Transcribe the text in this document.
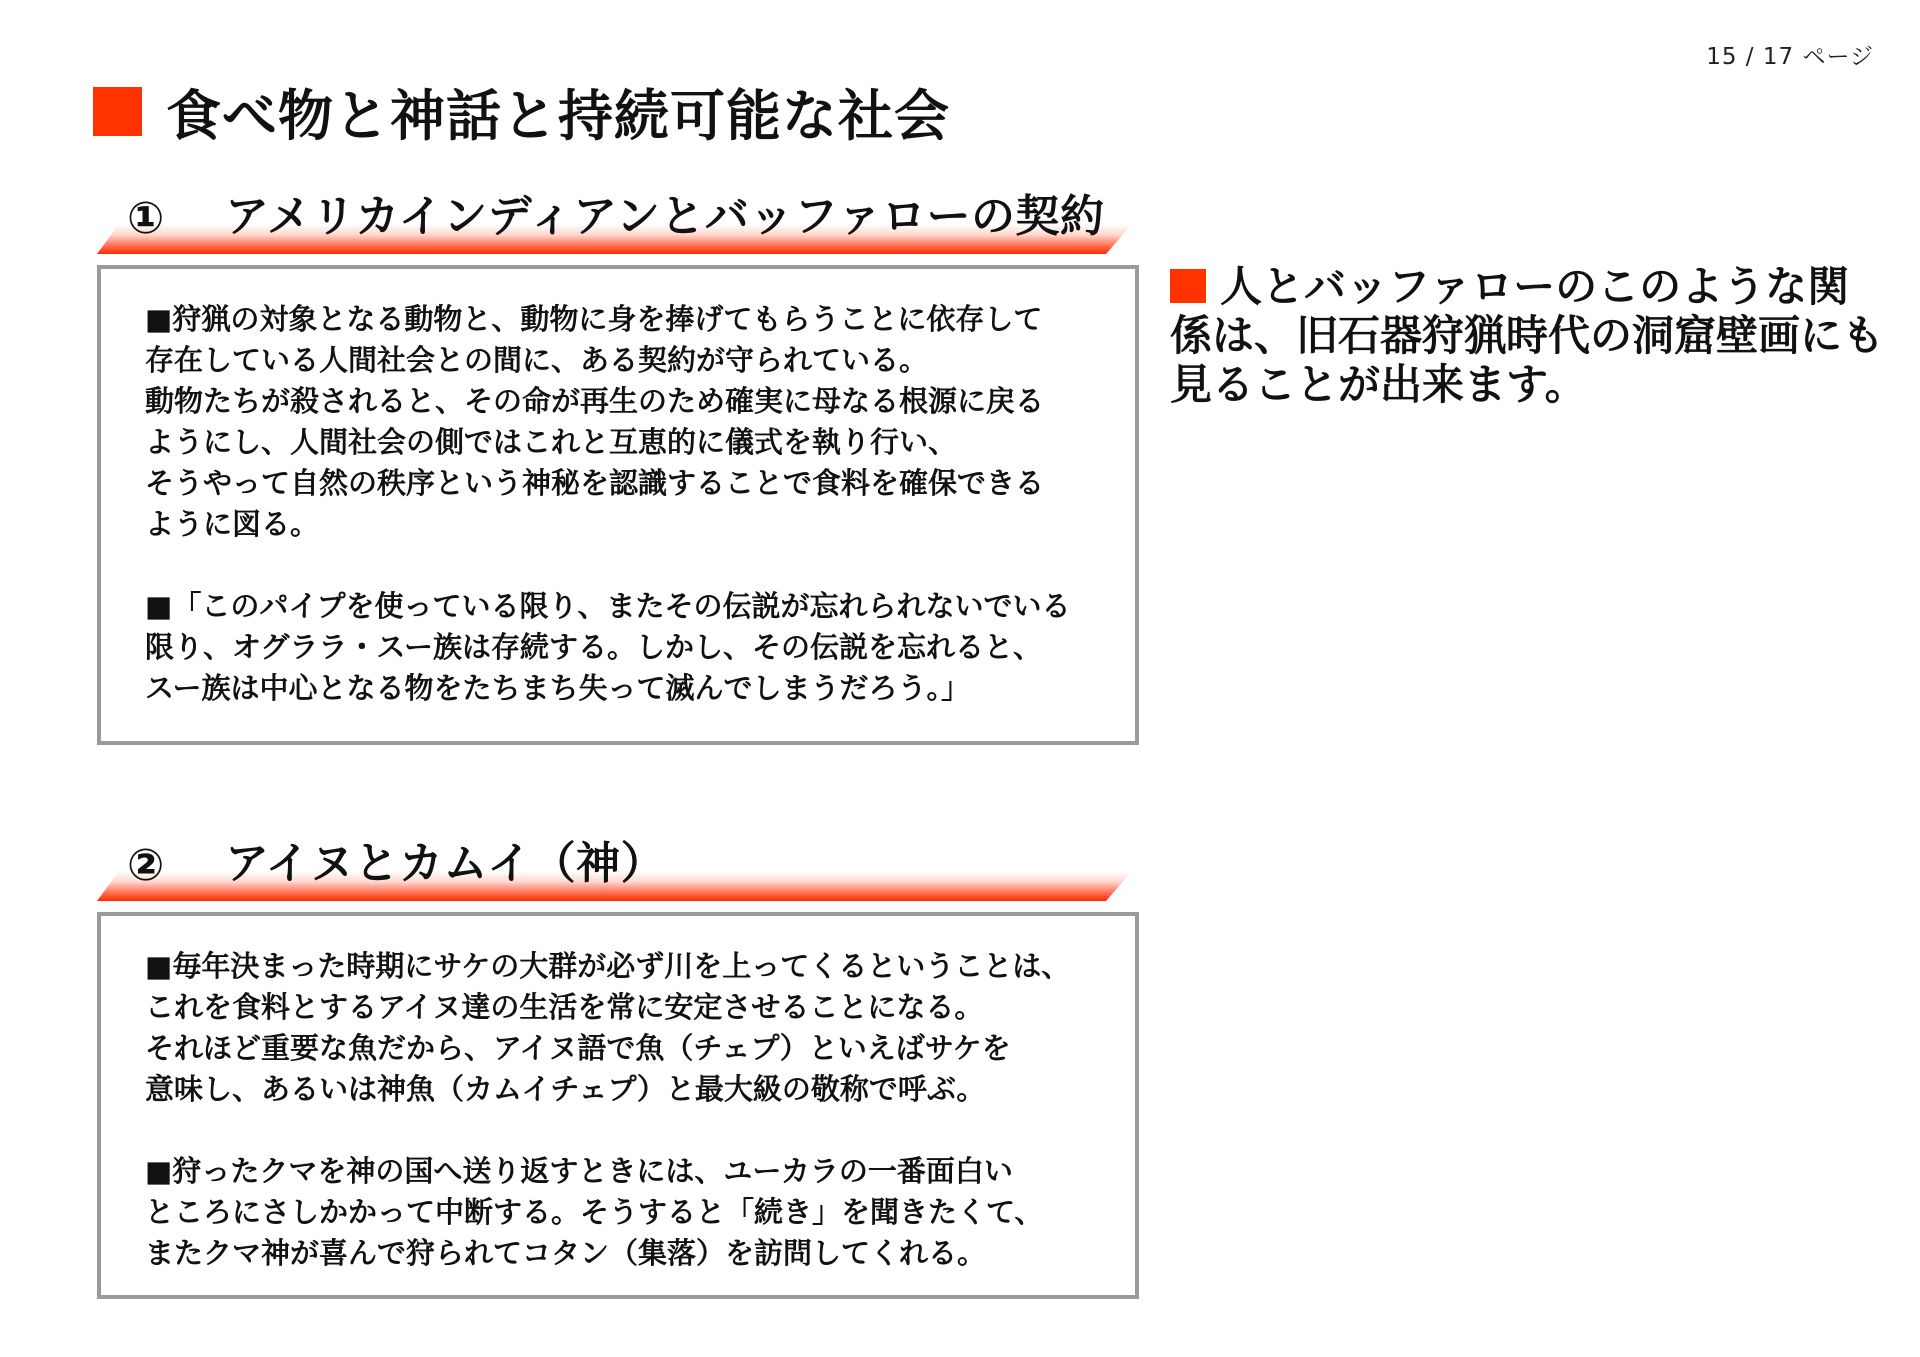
15 / 17 ページ
食べ物と神話と持続可能な社会
① アメリカインディアンとバッファローの契約

■狩猟の対象となる動物と、動物に身を捧げてもらうことに依存して
存在している人間社会との間に、ある契約が守られている。
動物たちが殺されると、その命が再生のため確実に母なる根源に戻る
ようにし、人間社会の側ではこれと互恵的に儀式を執り行い、
そうやって自然の秩序という神秘を認識することで食料を確保できる
ように図る。

■「このパイプを使っている限り、またその伝説が忘れられないでいる
限り、オグララ・スー族は存続する。しかし、その伝説を忘れると、
スー族は中心となる物をたちまち失って滅んでしまうだろう。」

人とバッファローのこのような関係は、旧石器狩猟時代の洞窟壁画にも見ることが出来ます。
② アイヌとカムイ（神）

■毎年決まった時期にサケの大群が必ず川を上ってくるということは、
これを食料とするアイヌ達の生活を常に安定させることになる。
それほど重要な魚だから、アイヌ語で魚（チェプ）といえばサケを
意味し、あるいは神魚（カムイチェプ）と最大級の敬称で呼ぶ。

■狩ったクマを神の国へ送り返すときには、ユーカラの一番面白い
ところにさしかかって中断する。そうすると「続き」を聞きたくて、
またクマ神が喜んで狩られてコタン（集落）を訪問してくれる。
